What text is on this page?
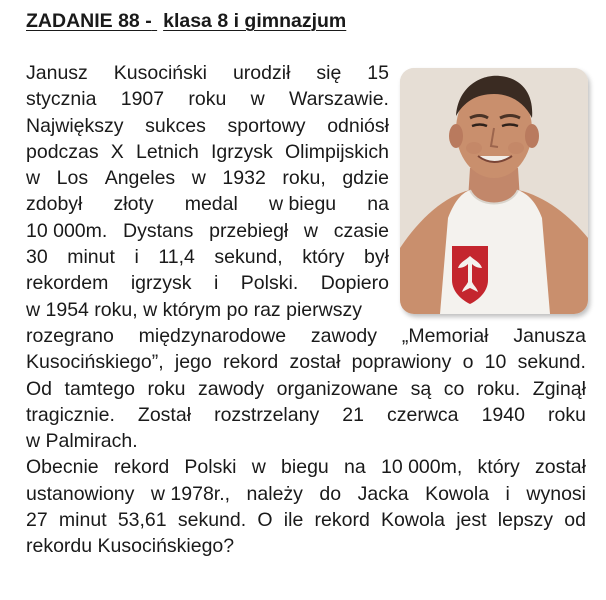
ZADANIE 88 - klasa 8 i gimnazjum
Janusz Kusociński urodził się 15
stycznia 1907 roku w Warszawie.
Największy sukces sportowy odniósł
podczas X Letnich Igrzysk Olimpijskich
w Los Angeles w 1932 roku, gdzie
zdobył złoty medal w biegu na
10 000m. Dystans przebiegł w czasie
30 minut i 11,4 sekund, który był
rekordem igrzysk i Polski. Dopiero
w 1954 roku, w którym po raz pierwszy
rozegrano międzynarodowe zawody „Memoriał Janusza
Kusocińskiego”, jego rekord został poprawiony o 10 sekund.
Od tamtego roku zawody organizowane są co roku. Zginął
tragicznie. Został rozstrzelany 21 czerwca 1940 roku
w Palmirach.
Obecnie rekord Polski w biegu na 10 000m, który został
ustanowiony w 1978r., należy do Jacka Kowola i wynosi
27 minut 53,61 sekund. O ile rekord Kowola jest lepszy od
rekordu Kusocińskiego?
